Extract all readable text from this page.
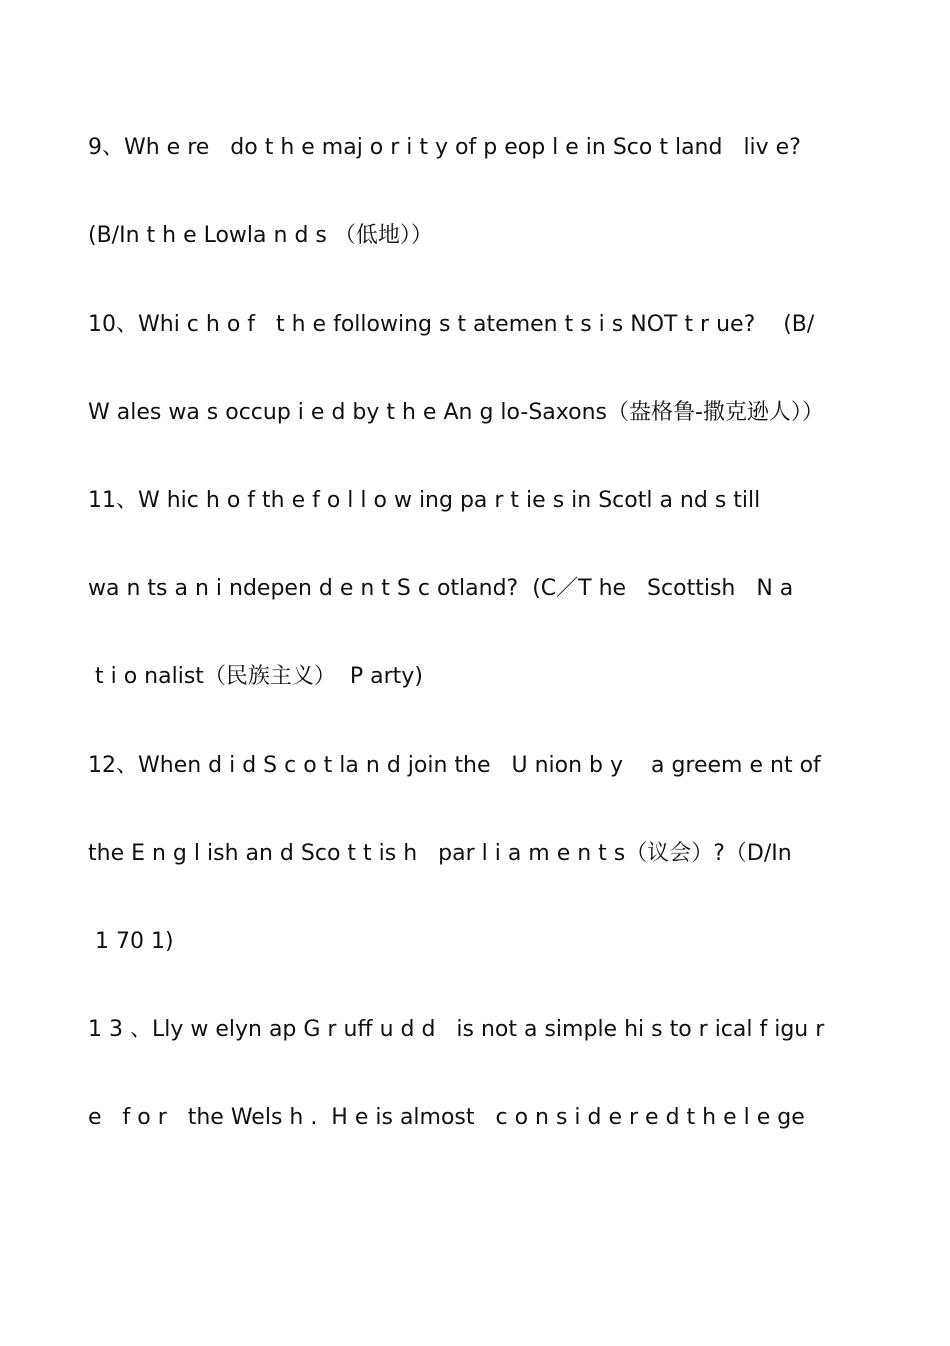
9、Wh e re   do t h e maj o r i t y of p eop l e in Sco t land   liv e?
(B/In t h e Lowla n d s （低地））
10、Whi c h o f   t h e following s t atemen t s i s NOT t r ue?    (B/
W ales wa s occup i e d by t h e An g lo-Saxons（盎格鲁-撒克逊人））
11、W hic h o f th e f o l l o w ing pa r t ie s in Scotl a nd s till
wa n ts a n i ndepen d e n t S c otland?  (C／T he   Scottish   N a
t i o nalist（民族主义）  P arty)
12、When d i d S c o t la n d join the   U nion b y    a greem e nt of
the E n g l ish an d Sco t t is h   par l i a m e n t s（议会）?（D/In
1 70 1)
1 3 、Lly w elyn ap G r uff u d d   is not a simple hi s to r ical f igu r
e   f o r   the Wels h .  H e is almost   c o n s i d e r e d t h e l e ge
